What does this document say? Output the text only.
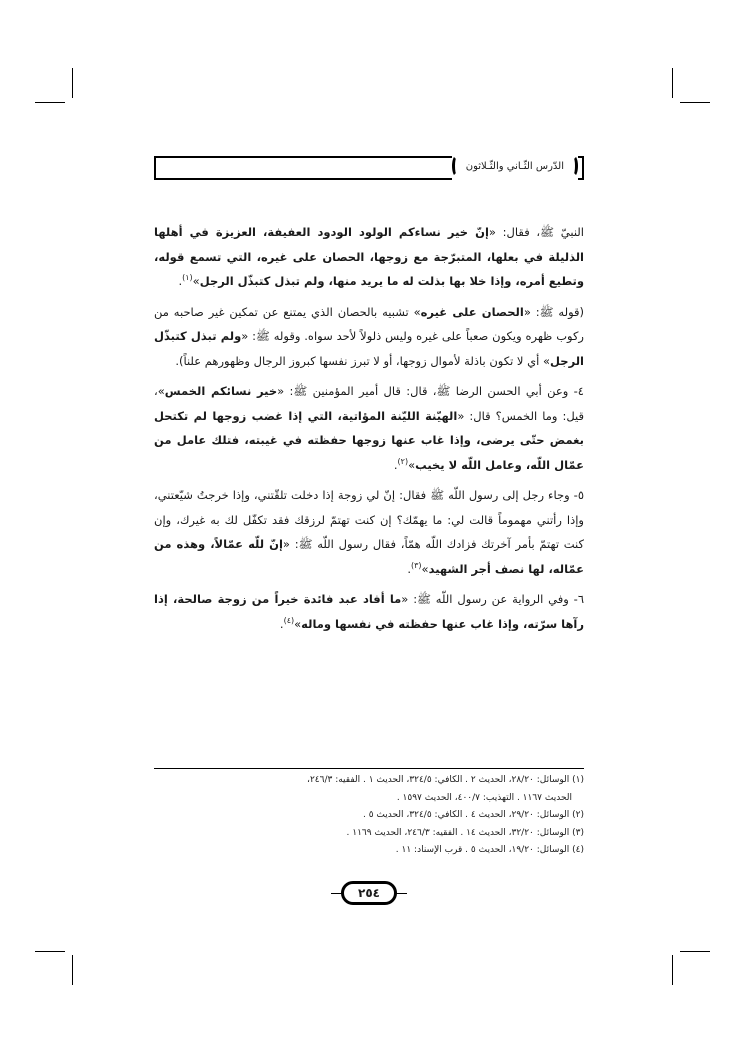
الدّرس الثّـاني والثّـلاثون

النبيّ ﷺ، فقال: «إنّ خير نساءكم الولود الودود العفيفة، العزيزة في أهلها الذليلة في بعلها، المتبرّجة مع زوجها، الحصان على غيره، التي تسمع قوله، وتطيع أمره، وإذا خلا بها بذلت له ما يريد منها، ولم تبذل كتبذّل الرجل»$^{(١)}$.

(قوله ﷺ: «الحصان على غيره» تشبيه بالحصان الذي يمتنع عن تمكين غير صاحبه من ركوب ظهره ويكون صعباً على غيره وليس ذلولاً لأحد سواه. وقوله ﷺ: «ولم تبذل كتبذّل الرجل» أي لا تكون باذلة لأموال زوجها، أو لا تبرز نفسها كبروز الرجال وظهورهم علناً).

٤- وعن أبي الحسن الرضا ﷺ، قال: قال أمير المؤمنين ﷺ: «خير نسائكم الخمس»، قيل: وما الخمس؟ قال: «الهيّنة الليّنة المؤاتية، التي إذا غضب زوجها لم تكتحل بغمض حتّى يرضى، وإذا غاب عنها زوجها حفظته في غيبته، فتلك عامل من عمّال اللّه، وعامل اللّه لا يخيب»$^{(٢)}$.

٥- وجاء رجل إلى رسول اللّه ﷺ فقال: إنّ لي زوجة إذا دخلت تلقّتني، وإذا خرجتُ شيّعتني، وإذا رأتني مهموماً قالت لي: ما يهمّك؟ إن كنت تهتمّ لرزقك فقد تكفّل لك به غيرك، وإن كنت تهتمّ بأمر آخرتك فزادك اللّه همّاً، فقال رسول اللّه ﷺ: «إنّ للّه عمّالاً، وهذه من عمّاله، لها نصف أجر الشهيد»$^{(٣)}$.

٦- وفي الرواية عن رسول اللّه ﷺ: «ما أفاد عبد فائدة خيراً من زوجة صالحة، إذا رآها سرّته، وإذا غاب عنها حفظته في نفسها وماله»$^{(٤)}$.

(١) الوسائل: ٢٨/٢٠، الحديث ٢ . الكافي: ٣٢٤/٥، الحديث ١ . الفقيه: ٢٤٦/٣،
الحديث ١١٦٧ . التهذيب: ٤٠٠/٧، الحديث ١٥٩٧ .

(٢) الوسائل: ٢٩/٢٠، الحديث ٤ . الكافي: ٣٢٤/٥، الحديث ٥ .

(٣) الوسائل: ٣٢/٢٠، الحديث ١٤ . الفقيه: ٢٤٦/٣، الحديث ١١٦٩ .

(٤) الوسائل: ١٩/٢٠، الحديث ٥ . قرب الإسناد: ١١ .

٢٥٤
